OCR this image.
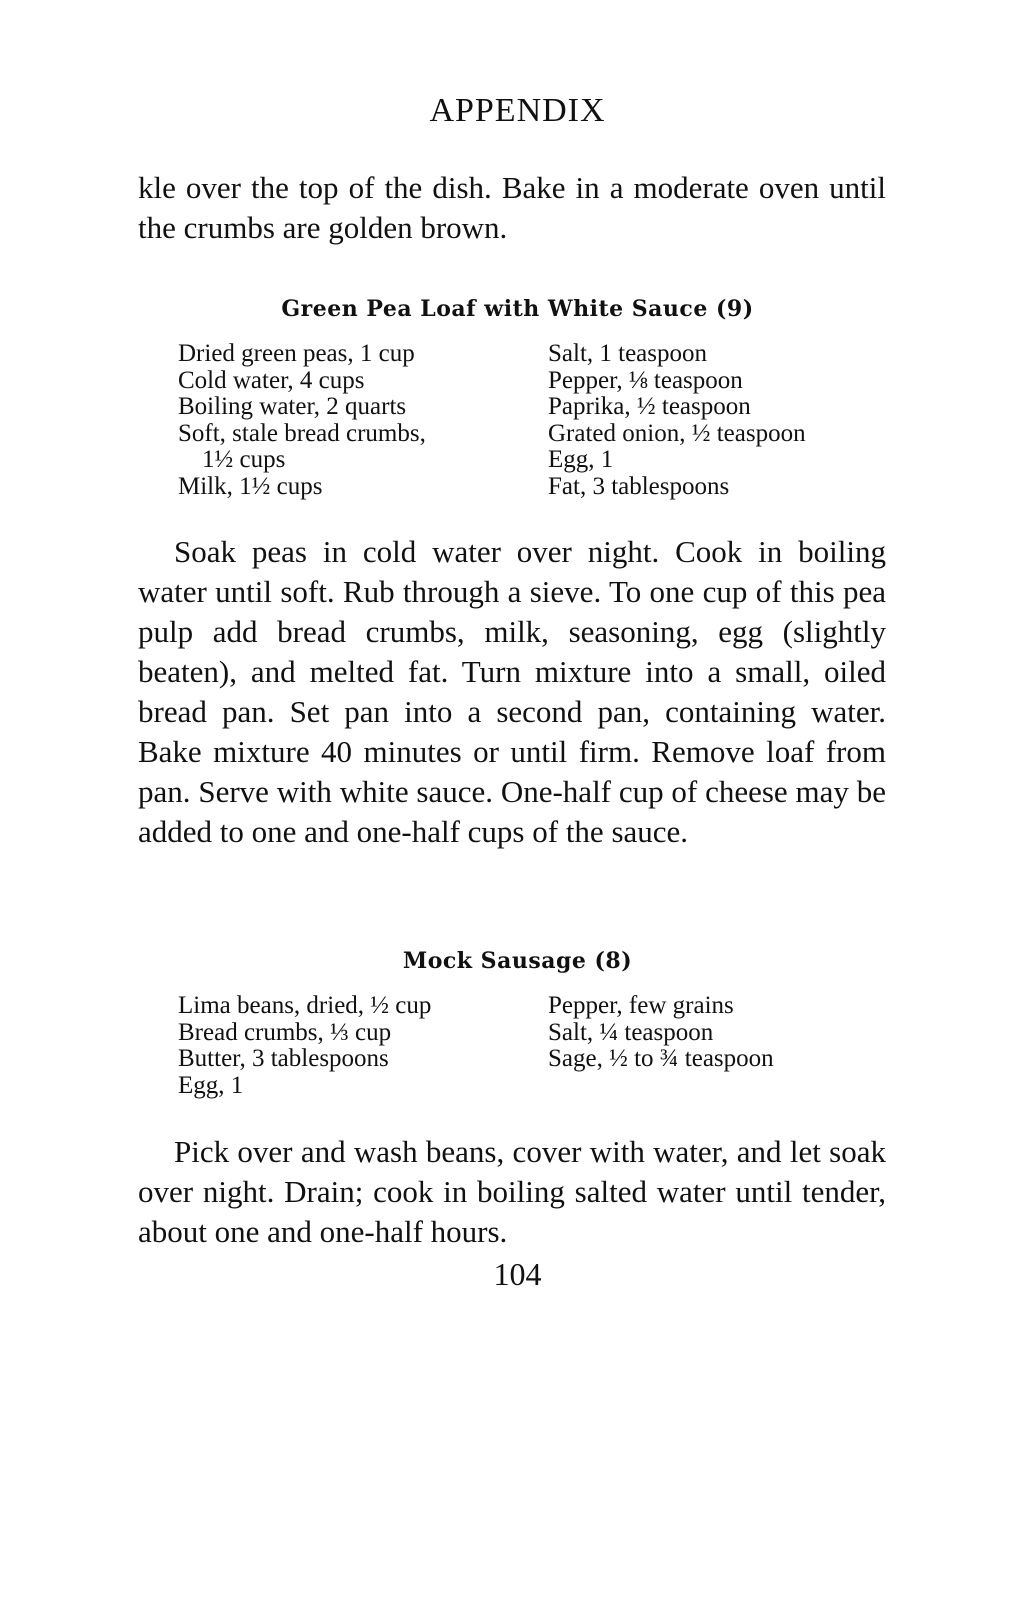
APPENDIX

kle over the top of the dish. Bake in a moderate oven until the crumbs are golden brown.

Green Pea Loaf with White Sauce (9)
Dried green peas, 1 cup
Cold water, 4 cups
Boiling water, 2 quarts
Soft, stale bread crumbs,
1½ cups
Milk, 1½ cups
Salt, 1 teaspoon
Pepper, ⅛ teaspoon
Paprika, ½ teaspoon
Grated onion, ½ teaspoon
Egg, 1
Fat, 3 tablespoons

Soak peas in cold water over night. Cook in boiling water until soft. Rub through a sieve. To one cup of this pea pulp add bread crumbs, milk, seasoning, egg (slightly beaten), and melted fat. Turn mixture into a small, oiled bread pan. Set pan into a second pan, containing water. Bake mixture 40 minutes or until firm. Remove loaf from pan. Serve with white sauce. One-half cup of cheese may be added to one and one-half cups of the sauce.

Mock Sausage (8)
Lima beans, dried, ½ cup
Bread crumbs, ⅓ cup
Butter, 3 tablespoons
Egg, 1
Pepper, few grains
Salt, ¼ teaspoon
Sage, ½ to ¾ teaspoon

Pick over and wash beans, cover with water, and let soak over night. Drain; cook in boiling salted water until tender, about one and one-half hours.

104
